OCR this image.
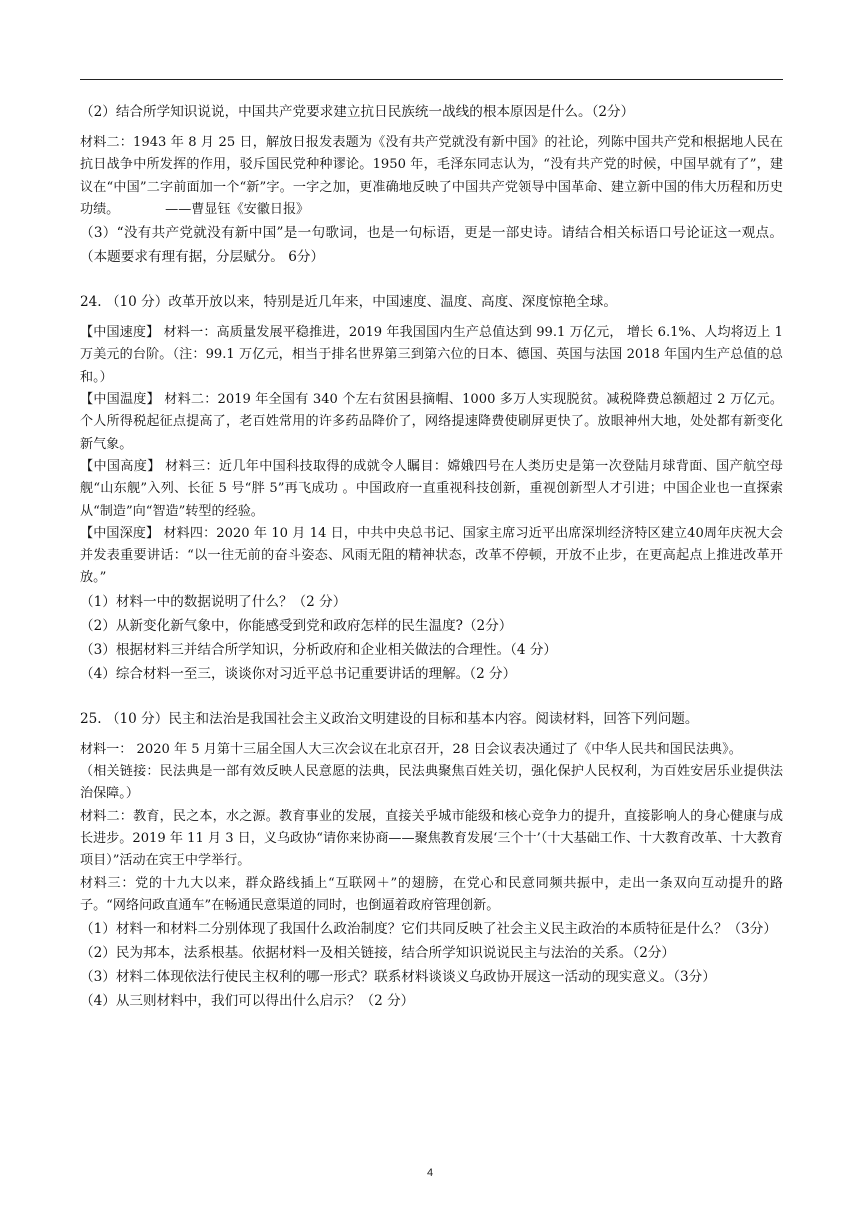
（2）结合所学知识说说，中国共产党要求建立抗日民族统一战线的根本原因是什么。（2分）

材料二：1943 年 8 月 25 日，解放日报发表题为《没有共产党就没有新中国》的社论，列陈中国共产党和根据地人民在抗日战争中所发挥的作用，驳斥国民党种种谬论。1950 年，毛泽东同志认为，“没有共产党的时候，中国早就有了”，建议在“中国”二字前面加一个“新”字。一字之加，更准确地反映了中国共产党领导中国革命、建立新中国的伟大历程和历史功绩。　　　　——曹显钰《安徽日报》

（3）“没有共产党就没有新中国”是一句歌词，也是一句标语，更是一部史诗。请结合相关标语口号论证这一观点。（本题要求有理有据，分层赋分。 6分）

24. （10 分）改革开放以来，特别是近几年来，中国速度、温度、高度、深度惊艳全球。

【中国速度】 材料一：高质量发展平稳推进，2019 年我国国内生产总值达到 99.1 万亿元， 增长 6.1%、人均将迈上 1 万美元的台阶。（注：99.1 万亿元，相当于排名世界第三到第六位的日本、德国、英国与法国 2018 年国内生产总值的总和。）

【中国温度】 材料二：2019 年全国有 340 个左右贫困县摘帽、1000 多万人实现脱贫。减税降费总额超过 2 万亿元。个人所得税起征点提高了，老百姓常用的许多药品降价了，网络提速降费使刷屏更快了。放眼神州大地，处处都有新变化新气象。

【中国高度】 材料三：近几年中国科技取得的成就令人瞩目：嫦娥四号在人类历史是第一次登陆月球背面、国产航空母舰“山东舰”入列、长征 5 号“胖 5”再飞成功 。中国政府一直重视科技创新，重视创新型人才引进；中国企业也一直探索从“制造”向“智造”转型的经验。

【中国深度】 材料四：2020 年 10 月 14 日，中共中央总书记、国家主席习近平出席深圳经济特区建立40周年庆祝大会并发表重要讲话：“以一往无前的奋斗姿态、风雨无阻的精神状态，改革不停顿，开放不止步，在更高起点上推进改革开放。”

（1）材料一中的数据说明了什么？（2 分）

（2）从新变化新气象中，你能感受到党和政府怎样的民生温度?（2分）

（3）根据材料三并结合所学知识，分析政府和企业相关做法的合理性。（4 分）

（4）综合材料一至三，谈谈你对习近平总书记重要讲话的理解。（2 分）

25. （10 分）民主和法治是我国社会主义政治文明建设的目标和基本内容。阅读材料，回答下列问题。

材料一： 2020 年 5 月第十三届全国人大三次会议在北京召开，28 日会议表决通过了《中华人民共和国民法典》。

（相关链接：民法典是一部有效反映人民意愿的法典，民法典聚焦百姓关切，强化保护人民权利，为百姓安居乐业提供法治保障。）

材料二：教育，民之本，水之源。教育事业的发展，直接关乎城市能级和核心竞争力的提升，直接影响人的身心健康与成长进步。2019 年 11 月 3 日，义乌政协“请你来协商——聚焦教育发展‘三个十’（十大基础工作、十大教育改革、十大教育项目）”活动在宾王中学举行。

材料三：党的十九大以来，群众路线插上“互联网＋”的翅膀，在党心和民意同频共振中，走出一条双向互动提升的路子。“网络问政直通车”在畅通民意渠道的同时，也倒逼着政府管理创新。

（1）材料一和材料二分别体现了我国什么政治制度？它们共同反映了社会主义民主政治的本质特征是什么？（3分）

（2）民为邦本，法系根基。依据材料一及相关链接，结合所学知识说说民主与法治的关系。（2分）

（3）材料二体现依法行使民主权利的哪一形式？联系材料谈谈义乌政协开展这一活动的现实意义。（3分）

（4）从三则材料中，我们可以得出什么启示？（2 分）

4
